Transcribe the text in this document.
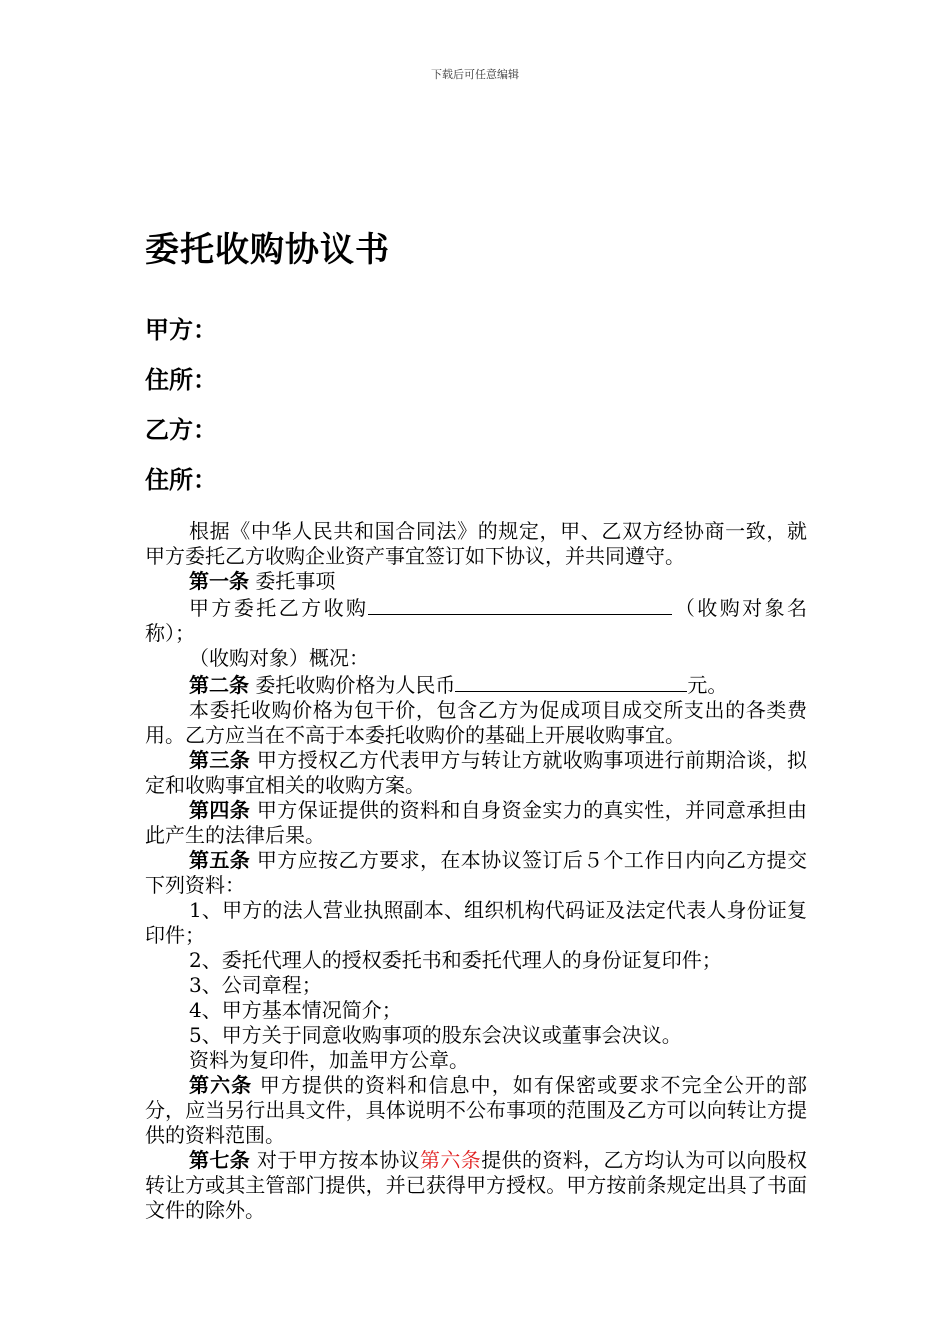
下载后可任意编辑
委托收购协议书
甲方：
住所：
乙方：
住所：

根据《中华人民共和国合同法》的规定，甲、乙双方经协商一致，就甲方委托乙方收购企业资产事宜签订如下协议，并共同遵守。

第一条 委托事项

甲方委托乙方收购	（收购对象名称）；

（收购对象）概况：

第二条 委托收购价格为人民币	元。

本委托收购价格为包干价，包含乙方为促成项目成交所支出的各类费用。乙方应当在不高于本委托收购价的基础上开展收购事宜。

第三条 甲方授权乙方代表甲方与转让方就收购事项进行前期洽谈，拟定和收购事宜相关的收购方案。

第四条 甲方保证提供的资料和自身资金实力的真实性，并同意承担由此产生的法律后果。

第五条 甲方应按乙方要求，在本协议签订后５个工作日内向乙方提交下列资料：

1、甲方的法人营业执照副本、组织机构代码证及法定代表人身份证复印件；

2、委托代理人的授权委托书和委托代理人的身份证复印件；

3、公司章程；

4、甲方基本情况简介；

5、甲方关于同意收购事项的股东会决议或董事会决议。

资料为复印件，加盖甲方公章。

第六条 甲方提供的资料和信息中，如有保密或要求不完全公开的部分，应当另行出具文件，具体说明不公布事项的范围及乙方可以向转让方提供的资料范围。

第七条 对于甲方按本协议第六条提供的资料，乙方均认为可以向股权转让方或其主管部门提供，并已获得甲方授权。甲方按前条规定出具了书面文件的除外。
